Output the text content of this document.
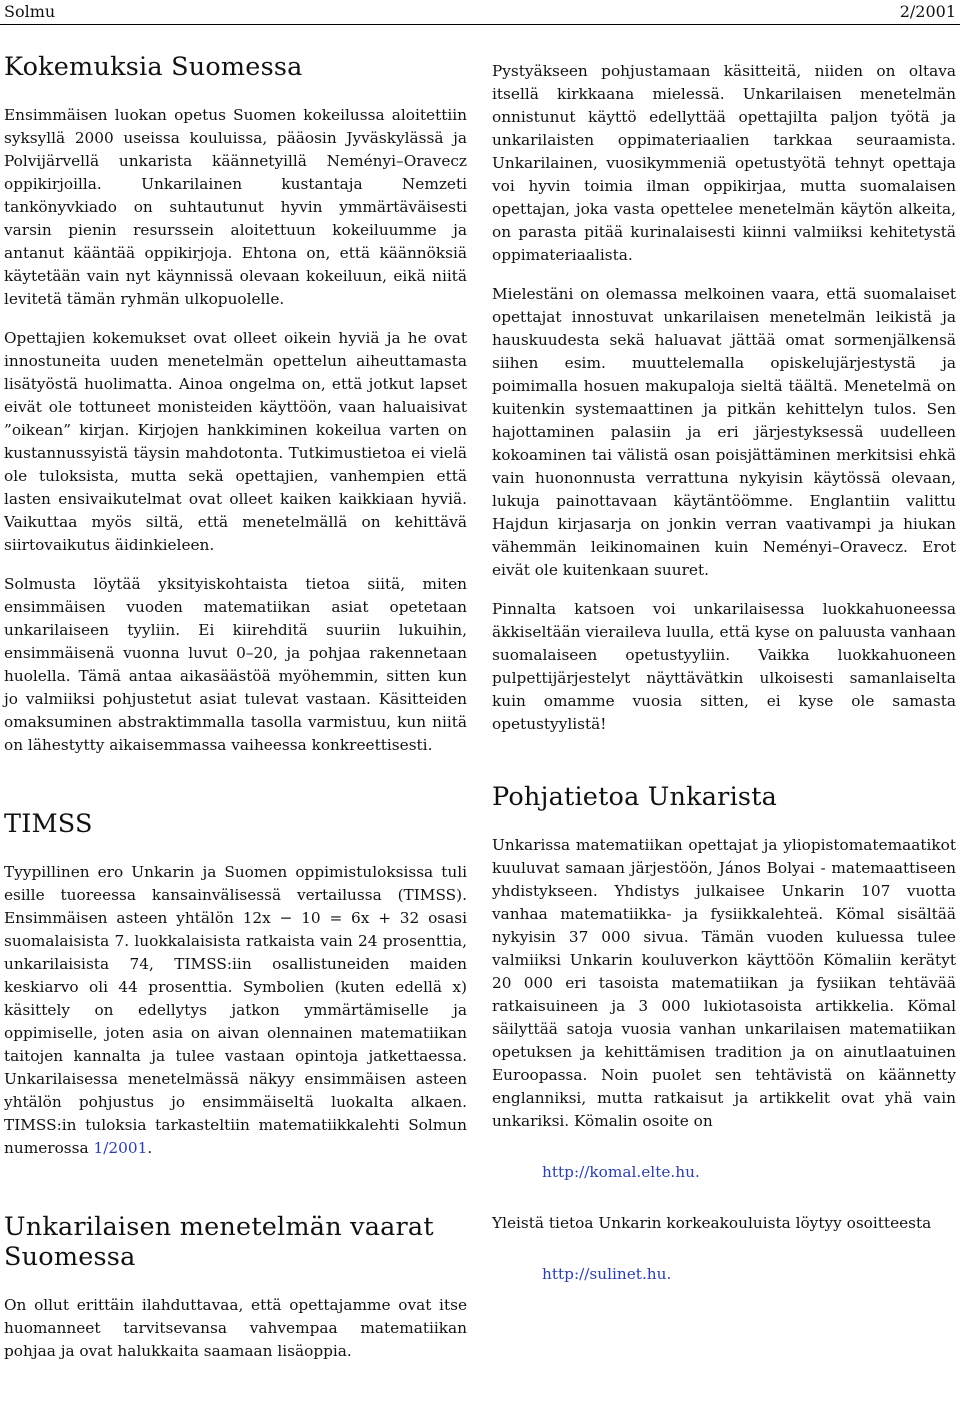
Solmu	2/2001
Kokemuksia Suomessa

Ensimmäisen luokan opetus Suomen kokeilussa aloitettiin syksyllä 2000 useissa kouluissa, pääosin Jyväskylässä ja Polvijärvellä unkarista käännetyillä Neményi–Oravecz oppikirjoilla. Unkarilainen kustantaja Nemzeti tankönyvkiado on suhtautunut hyvin ymmärtäväisesti varsin pienin resurssein aloitettuun kokeiluumme ja antanut kääntää oppikirjoja. Ehtona on, että käännöksiä käytetään vain nyt käynnissä olevaan kokeiluun, eikä niitä levitetä tämän ryhmän ulkopuolelle.

Opettajien kokemukset ovat olleet oikein hyviä ja he ovat innostuneita uuden menetelmän opettelun aiheuttamasta lisätyöstä huolimatta. Ainoa ongelma on, että jotkut lapset eivät ole tottuneet monisteiden käyttöön, vaan haluaisivat ”oikean” kirjan. Kirjojen hankkiminen kokeilua varten on kustannussyistä täysin mahdotonta. Tutkimustietoa ei vielä ole tuloksista, mutta sekä opettajien, vanhempien että lasten ensivaikutelmat ovat olleet kaiken kaikkiaan hyviä. Vaikuttaa myös siltä, että menetelmällä on kehittävä siirtovaikutus äidinkieleen.

Solmusta löytää yksityiskohtaista tietoa siitä, miten ensimmäisen vuoden matematiikan asiat opetetaan unkarilaiseen tyyliin. Ei kiirehditä suuriin lukuihin, ensimmäisenä vuonna luvut 0–20, ja pohjaa rakennetaan huolella. Tämä antaa aikasäästöä myöhemmin, sitten kun jo valmiiksi pohjustetut asiat tulevat vastaan. Käsitteiden omaksuminen abstraktimmalla tasolla varmistuu, kun niitä on lähestytty aikaisemmassa vaiheessa konkreettisesti.

TIMSS

Tyypillinen ero Unkarin ja Suomen oppimistuloksissa tuli esille tuoreessa kansainvälisessä vertailussa (TIMSS). Ensimmäisen asteen yhtälön 12x − 10 = 6x + 32 osasi suomalaisista 7. luokkalaisista ratkaista vain 24 prosenttia, unkarilaisista 74, TIMSS:iin osallistuneiden maiden keskiarvo oli 44 prosenttia. Symbolien (kuten edellä x) käsittely on edellytys jatkon ymmärtämiselle ja oppimiselle, joten asia on aivan olennainen matematiikan taitojen kannalta ja tulee vastaan opintoja jatkettaessa. Unkarilaisessa menetelmässä näkyy ensimmäisen asteen yhtälön pohjustus jo ensimmäiseltä luokalta alkaen. TIMSS:in tuloksia tarkasteltiin matematiikkalehti Solmun numerossa 1/2001.

Unkarilaisen menetelmän vaarat Suomessa

On ollut erittäin ilahduttavaa, että opettajamme ovat itse huomanneet tarvitsevansa vahvempaa matematiikan pohjaa ja ovat halukkaita saamaan lisäoppia.

Pystyäkseen pohjustamaan käsitteitä, niiden on oltava itsellä kirkkaana mielessä. Unkarilaisen menetelmän onnistunut käyttö edellyttää opettajilta paljon työtä ja unkarilaisten oppimateriaalien tarkkaa seuraamista. Unkarilainen, vuosikymmeniä opetustyötä tehnyt opettaja voi hyvin toimia ilman oppikirjaa, mutta suomalaisen opettajan, joka vasta opettelee menetelmän käytön alkeita, on parasta pitää kurinalaisesti kiinni valmiiksi kehitetystä oppimateriaalista.

Mielestäni on olemassa melkoinen vaara, että suomalaiset opettajat innostuvat unkarilaisen menetelmän leikistä ja hauskuudesta sekä haluavat jättää omat sormenjälkensä siihen esim. muuttelemalla opiskelujärjestystä ja poimimalla hosuen makupaloja sieltä täältä. Menetelmä on kuitenkin systemaattinen ja pitkän kehittelyn tulos. Sen hajottaminen palasiin ja eri järjestyksessä uudelleen kokoaminen tai välistä osan poisjättäminen merkitsisi ehkä vain huononnusta verrattuna nykyisin käytössä olevaan, lukuja painottavaan käytäntöömme. Englantiin valittu Hajdun kirjasarja on jonkin verran vaativampi ja hiukan vähemmän leikinomainen kuin Neményi–Oravecz. Erot eivät ole kuitenkaan suuret.

Pinnalta katsoen voi unkarilaisessa luokkahuoneessa äkkiseltään vieraileva luulla, että kyse on paluusta vanhaan suomalaiseen opetustyyliin. Vaikka luokkahuoneen pulpettijärjestelyt näyttävätkin ulkoisesti samanlaiselta kuin omamme vuosia sitten, ei kyse ole samasta opetustyylistä!

Pohjatietoa Unkarista

Unkarissa matematiikan opettajat ja yliopistomatemaatikot kuuluvat samaan järjestöön, János Bolyai - matemaattiseen yhdistykseen. Yhdistys julkaisee Unkarin 107 vuotta vanhaa matematiikka- ja fysiikkalehteä. Kömal sisältää nykyisin 37 000 sivua. Tämän vuoden kuluessa tulee valmiiksi Unkarin kouluverkon käyttöön Kömaliin kerätyt 20 000 eri tasoista matematiikan ja fysiikan tehtävää ratkaisuineen ja 3 000 lukiotasoista artikkelia. Kömal säilyttää satoja vuosia vanhan unkarilaisen matematiikan opetuksen ja kehittämisen tradition ja on ainutlaatuinen Euroopassa. Noin puolet sen tehtävistä on käännetty englanniksi, mutta ratkaisut ja artikkelit ovat yhä vain unkariksi. Kömalin osoite on

http://komal.elte.hu.

Yleistä tietoa Unkarin korkeakouluista löytyy osoitteesta

http://sulinet.hu.
